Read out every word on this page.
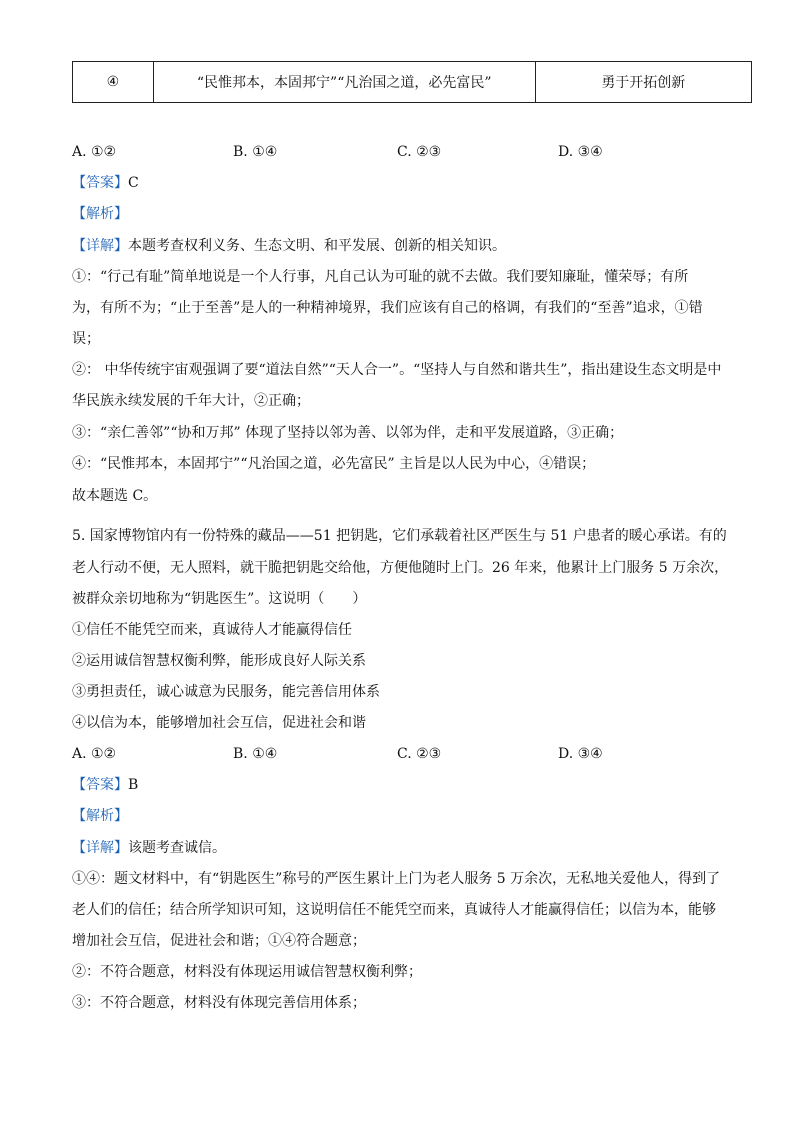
④	“民惟邦本，本固邦宁”“凡治国之道，必先富民”	勇于开拓创新
A. ①②	B. ①④	C. ②③	D. ③④
【答案】C
【解析】
【详解】本题考查权利义务、生态文明、和平发展、创新的相关知识。
①：“行己有耻”简单地说是一个人行事，凡自己认为可耻的就不去做。我们要知廉耻，懂荣辱；有所
为，有所不为；“止于至善”是人的一种精神境界，我们应该有自己的格调，有我们的“至善”追求，①错
误；
②： 中华传统宇宙观强调了要“道法自然”“天人合一”。“坚持人与自然和谐共生”，指出建设生态文明是中
华民族永续发展的千年大计，②正确；
③：“亲仁善邻”“协和万邦” 体现了坚持以邻为善、以邻为伴，走和平发展道路，③正确；
④：“民惟邦本，本固邦宁”“凡治国之道，必先富民” 主旨是以人民为中心，④错误；
故本题选 C。
5. 国家博物馆内有一份特殊的藏品——51 把钥匙，它们承载着社区严医生与 51 户患者的暖心承诺。有的
老人行动不便，无人照料，就干脆把钥匙交给他，方便他随时上门。26 年来，他累计上门服务 5 万余次，
被群众亲切地称为“钥匙医生”。这说明（　　）
①信任不能凭空而来，真诚待人才能赢得信任
②运用诚信智慧权衡利弊，能形成良好人际关系
③勇担责任，诚心诚意为民服务，能完善信用体系
④以信为本，能够增加社会互信，促进社会和谐
A. ①②	B. ①④	C. ②③	D. ③④
【答案】B
【解析】
【详解】该题考查诚信。
①④：题文材料中，有“钥匙医生”称号的严医生累计上门为老人服务 5 万余次，无私地关爱他人，得到了
老人们的信任；结合所学知识可知，这说明信任不能凭空而来，真诚待人才能赢得信任；以信为本，能够
增加社会互信，促进社会和谐；①④符合题意；
②：不符合题意，材料没有体现运用诚信智慧权衡利弊；
③：不符合题意，材料没有体现完善信用体系；
